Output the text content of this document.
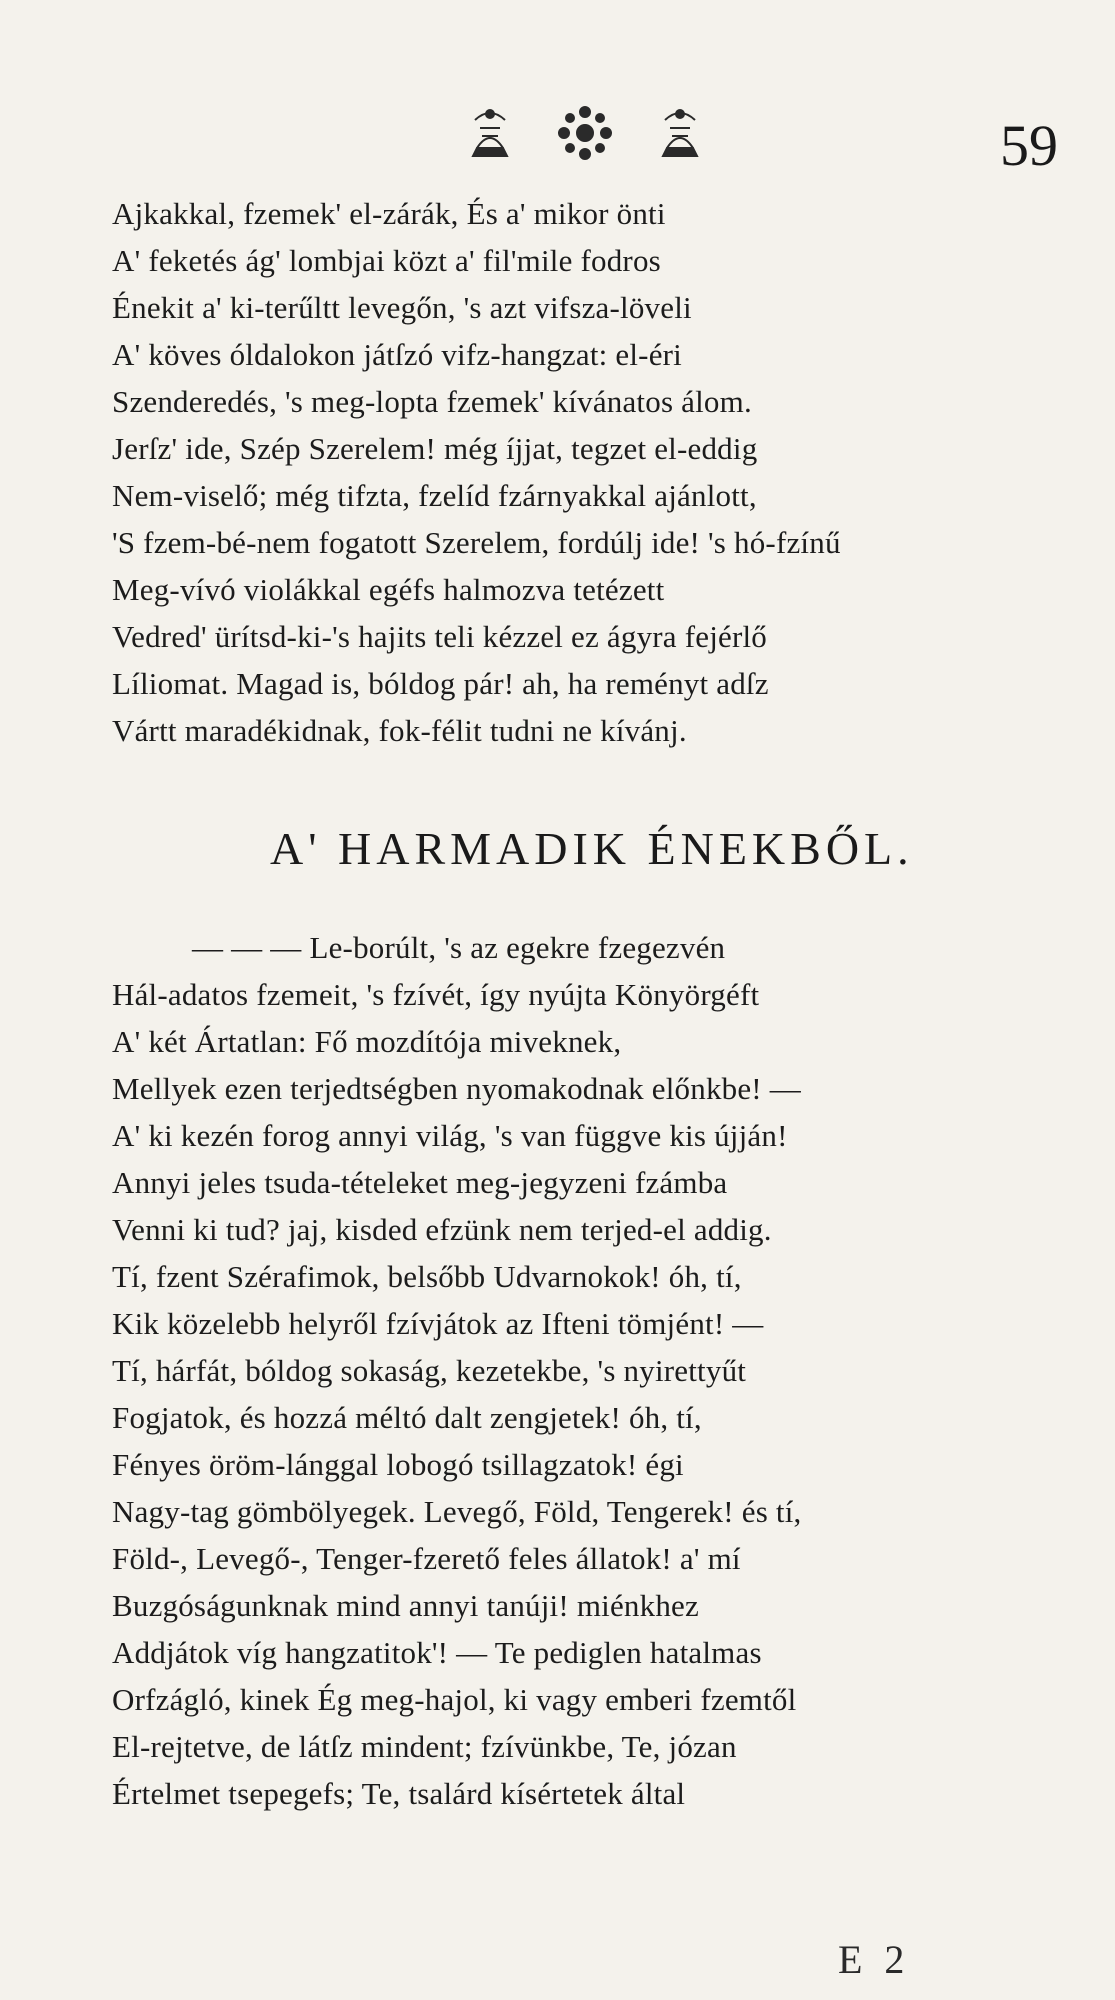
59
Ajkakkal, fzemek' el-zárák, És a' mikor önti
A' feketés ág' lombjai közt a' fil'mile fodros
Énekit a' ki-terűltt levegőn, 's azt vifsza-löveli
A' köves óldalokon játſzó vifz-hangzat: el-éri
Szenderedés, 's meg-lopta fzemek' kívánatos álom.
Jerſz' ide, Szép Szerelem! még íjjat, tegzet el-eddig
Nem-viselő; még tifzta, fzelíd fzárnyakkal ajánlott,
'S fzem-bé-nem fogatott Szerelem, fordúlj ide! 's hó-fzínű
Meg-vívó violákkal egéfs halmozva tetézett
Vedred' ürítsd-ki-'s hajits teli kézzel ez ágyra fejérlő
Líliomat. Magad is, bóldog pár! ah, ha reményt adſz
Vártt maradékidnak, fok-félit tudni ne kívánj.
A' HARMADIK ÉNEKBŐL.
— — — Le-borúlt, 's az egekre fzegezvén
Hál-adatos fzemeit, 's fzívét, így nyújta Könyörgéft
A' két Ártatlan: Fő mozdítója miveknek,
Mellyek ezen terjedtségben nyomakodnak előnkbe! —
A' ki kezén forog annyi világ, 's van függve kis újján!
Annyi jeles tsuda-tételeket meg-jegyzeni fzámba
Venni ki tud? jaj, kisded efzünk nem terjed-el addig.
Tí, fzent Szérafimok, belsőbb Udvarnokok! óh, tí,
Kik közelebb helyről fzívjátok az Ifteni tömjént! —
Tí, hárfát, bóldog sokaság, kezetekbe, 's nyirettyűt
Fogjatok, és hozzá méltó dalt zengjetek! óh, tí,
Fényes öröm-lánggal lobogó tsillagzatok! égi
Nagy-tag gömbölyegek. Levegő, Föld, Tengerek! és tí,
Föld-, Levegő-, Tenger-fzerető feles állatok! a' mí
Buzgóságunknak mind annyi tanúji! miénkhez
Addjátok víg hangzatitok'! — Te pediglen hatalmas
Orfzágló, kinek Ég meg-hajol, ki vagy emberi fzemtől
El-rejtetve, de látſz mindent; fzívünkbe, Te, józan
Értelmet tsepegefs; Te, tsalárd kísértetek által
E 2
